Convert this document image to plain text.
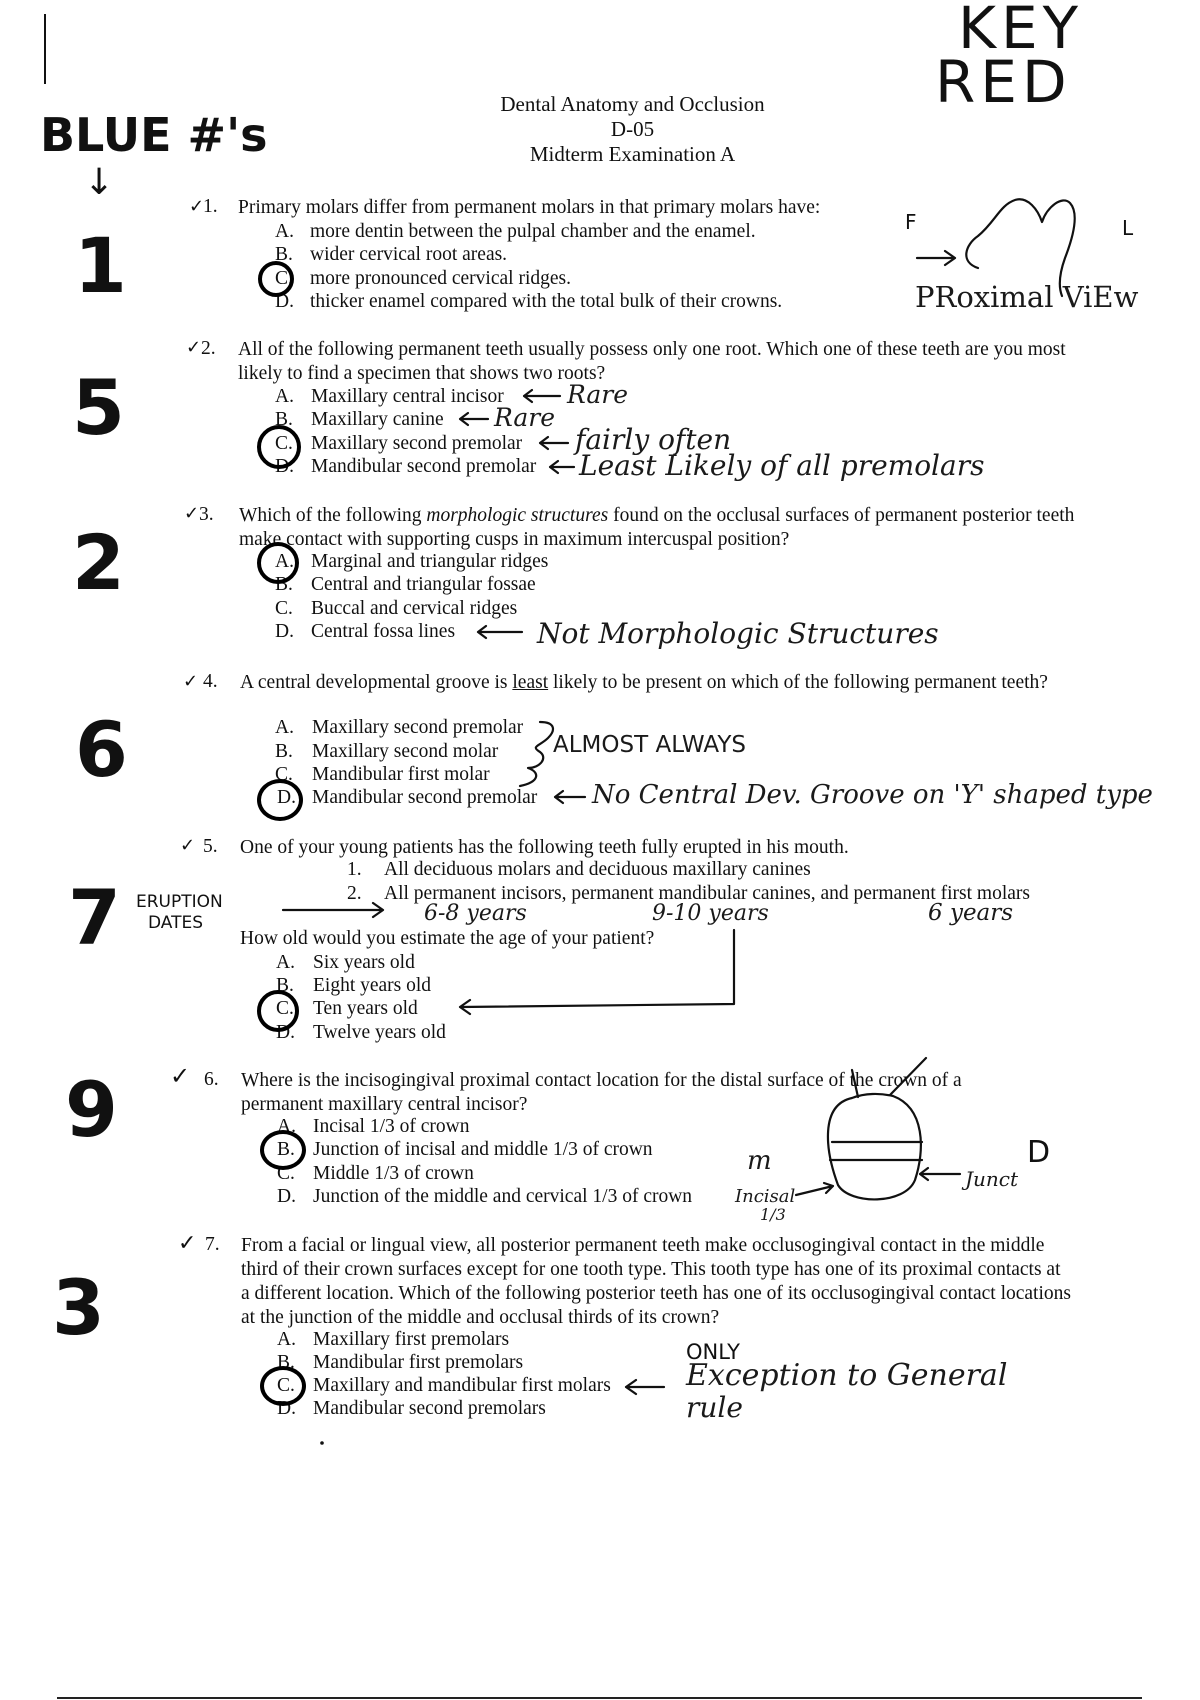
Dental Anatomy and Occlusion
D-05
Midterm Examination A
BLUE #'s
KEY
RED
↓
1
5
2
6
7
9
3
✓
1. Primary molars differ from permanent molars in that primary molars have:
A. more dentin between the pulpal chamber and the enamel.
B. wider cervical root areas.
C. more pronounced cervical ridges.
D. thicker enamel compared with the total bulk of their crowns.
F	L
PRoximal ViEw
✓ 2. All of the following permanent teeth usually possess only one root. Which one of these teeth are you most likely to find a specimen that shows two roots?
A. Maxillary central incisor
B. Maxillary canine
C. Maxillary second premolar
D. Mandibular second premolar
Rare
Rare
fairly often
Least Likely of all premolars
✓ 3. Which of the following morphologic structures found on the occlusal surfaces of permanent posterior teeth make contact with supporting cusps in maximum intercuspal position?
A. Marginal and triangular ridges
B. Central and triangular fossae
C. Buccal and cervical ridges
D. Central fossa lines	Not Morphologic Structures
✓ 4. A central developmental groove is least likely to be present on which of the following permanent teeth?
A. Maxillary second premolar
B. Maxillary second molar
C. Mandibular first molar
D. Mandibular second premolar
ALMOST ALWAYS
No Central Dev. Groove on 'Y' shaped type
✓ 5. One of your young patients has the following teeth fully erupted in his mouth.
1. All deciduous molars and deciduous maxillary canines
2. All permanent incisors, permanent mandibular canines, and permanent first molars
How old would you estimate the age of your patient?
A. Six years old
B. Eight years old
C. Ten years old
D. Twelve years old
ERUPTION
DATES	6-8 years	9-10 years	6 years
✓ 6. Where is the incisogingival proximal contact location for the distal surface of the crown of a permanent maxillary central incisor?
A. Incisal 1/3 of crown
B. Junction of incisal and middle 1/3 of crown
C. Middle 1/3 of crown
D. Junction of the middle and cervical 1/3 of crown
m	D
Junct
Incisal
1/3
✓ 7. From a facial or lingual view, all posterior permanent teeth make occlusogingival contact in the middle third of their crown surfaces except for one tooth type. This tooth type has one of its proximal contacts at a different location. Which of the following posterior teeth has one of its occlusogingival contact locations at the junction of the middle and occlusal thirds of its crown?
A. Maxillary first premolars
B. Mandibular first premolars
C. Maxillary and mandibular first molars
D. Mandibular second premolars
ONLY
Exception to General
rule
